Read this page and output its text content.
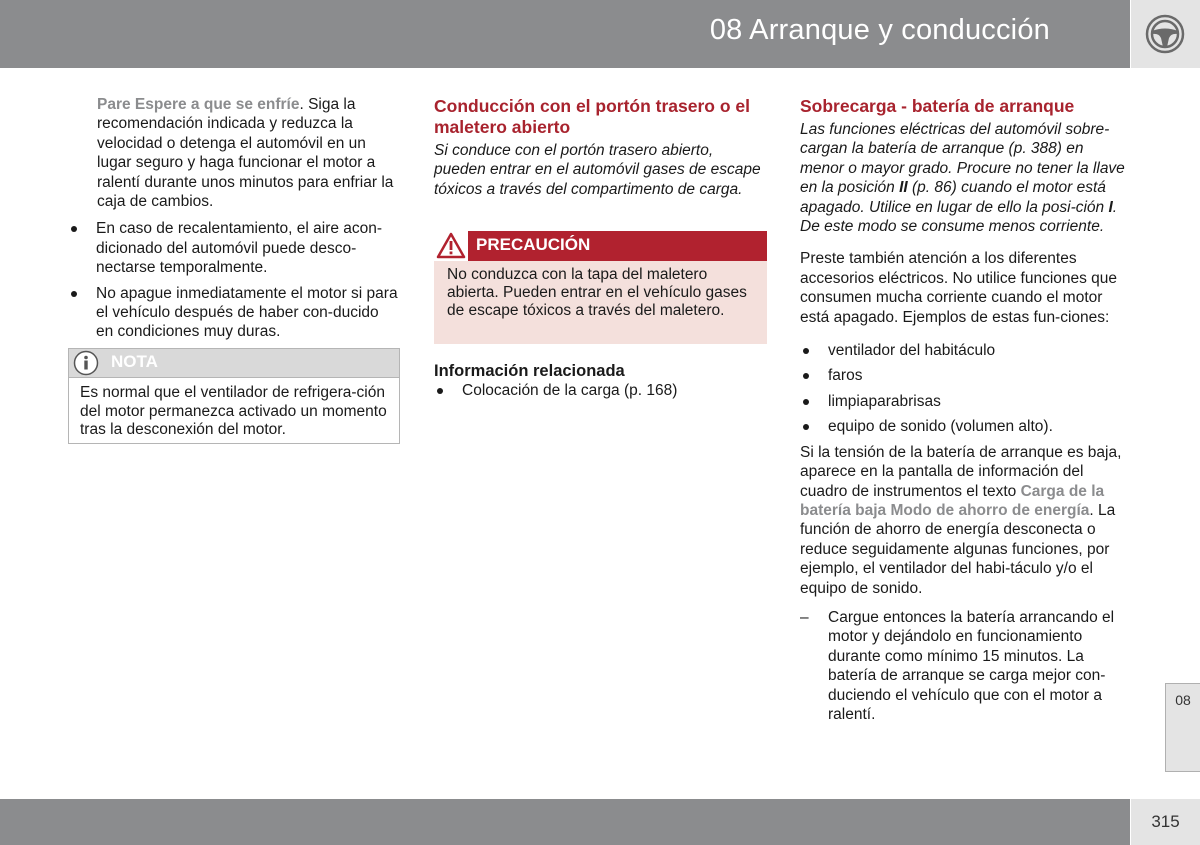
08 Arranque y conducción

Pare Espere a que se enfríe. Siga la recomendación indicada y reduzca la velocidad o detenga el automóvil en un lugar seguro y haga funcionar el motor a ralentí durante unos minutos para enfriar la caja de cambios.

En caso de recalentamiento, el aire acon-dicionado del automóvil puede desco-nectarse temporalmente.
No apague inmediatamente el motor si para el vehículo después de haber con-ducido en condiciones muy duras.
NOTA
Es normal que el ventilador de refrigera-ción del motor permanezca activado un momento tras la desconexión del motor.
Conducción con el portón trasero o el maletero abierto

Si conduce con el portón trasero abierto, pueden entrar en el automóvil gases de escape tóxicos a través del compartimento de carga.

PRECAUCIÓN
No conduzca con la tapa del maletero abierta. Pueden entrar en el vehículo gases de escape tóxicos a través del maletero.
Información relacionada
Colocación de la carga (p. 168)
Sobrecarga - batería de arranque

Las funciones eléctricas del automóvil sobre-cargan la batería de arranque (p. 388) en menor o mayor grado. Procure no tener la llave en la posición II (p. 86) cuando el motor está apagado. Utilice en lugar de ello la posi-ción I. De este modo se consume menos corriente.

Preste también atención a los diferentes accesorios eléctricos. No utilice funciones que consumen mucha corriente cuando el motor está apagado. Ejemplos de estas fun-ciones:

ventilador del habitáculo
faros
limpiaparabrisas
equipo de sonido (volumen alto).

Si la tensión de la batería de arranque es baja, aparece en la pantalla de información del cuadro de instrumentos el texto Carga de la batería baja Modo de ahorro de energía. La función de ahorro de energía desconecta o reduce seguidamente algunas funciones, por ejemplo, el ventilador del habi-táculo y/o el equipo de sonido.

– Cargue entonces la batería arrancando el motor y dejándolo en funcionamiento durante como mínimo 15 minutos. La batería de arranque se carga mejor con-duciendo el vehículo que con el motor a ralentí.
08
315
